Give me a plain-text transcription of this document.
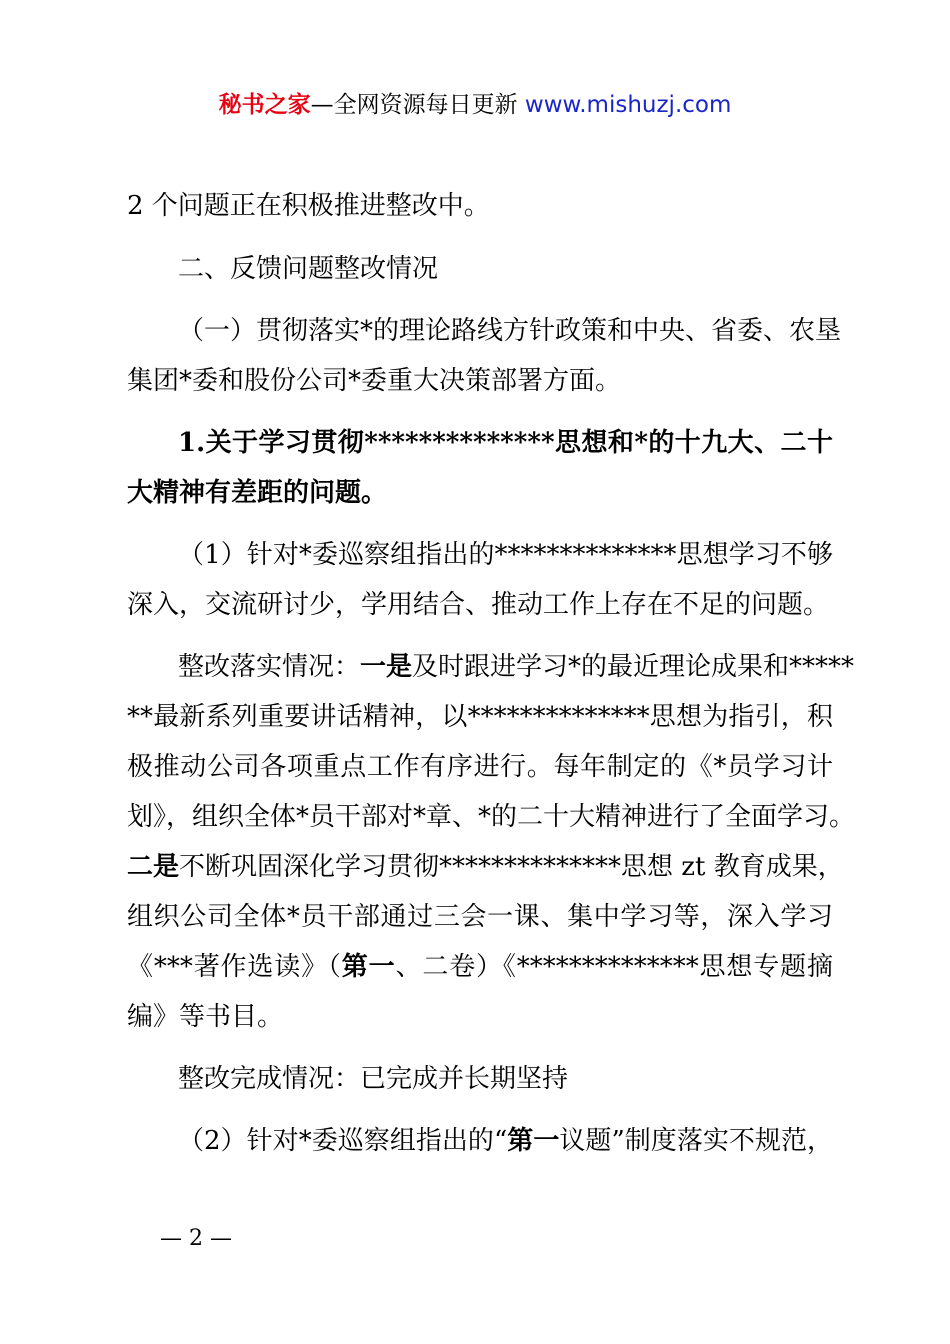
秘书之家—全网资源每日更新 www.mishuzj.com
2 个问题正在积极推进整改中。
二、反馈问题整改情况
（一）贯彻落实*的理论路线方针政策和中央、省委、农垦
集团*委和股份公司*委重大决策部署方面。
1.关于学习贯彻**************思想和*的十九大、二十
大精神有差距的问题。
（1）针对*委巡察组指出的**************思想学习不够
深入，交流研讨少，学用结合、推动工作上存在不足的问题。
整改落实情况：一是及时跟进学习*的最近理论成果和*****
**最新系列重要讲话精神，以**************思想为指引，积
极推动公司各项重点工作有序进行。每年制定的《*员学习计
划》，组织全体*员干部对*章、*的二十大精神进行了全面学习。
二是不断巩固深化学习贯彻**************思想 zt 教育成果，
组织公司全体*员干部通过三会一课、集中学习等，深入学习
《***著作选读》（第一、二卷）《**************思想专题摘
编》等书目。
整改完成情况：已完成并长期坚持
（2）针对*委巡察组指出的“第一议题”制度落实不规范，
— 2 —
